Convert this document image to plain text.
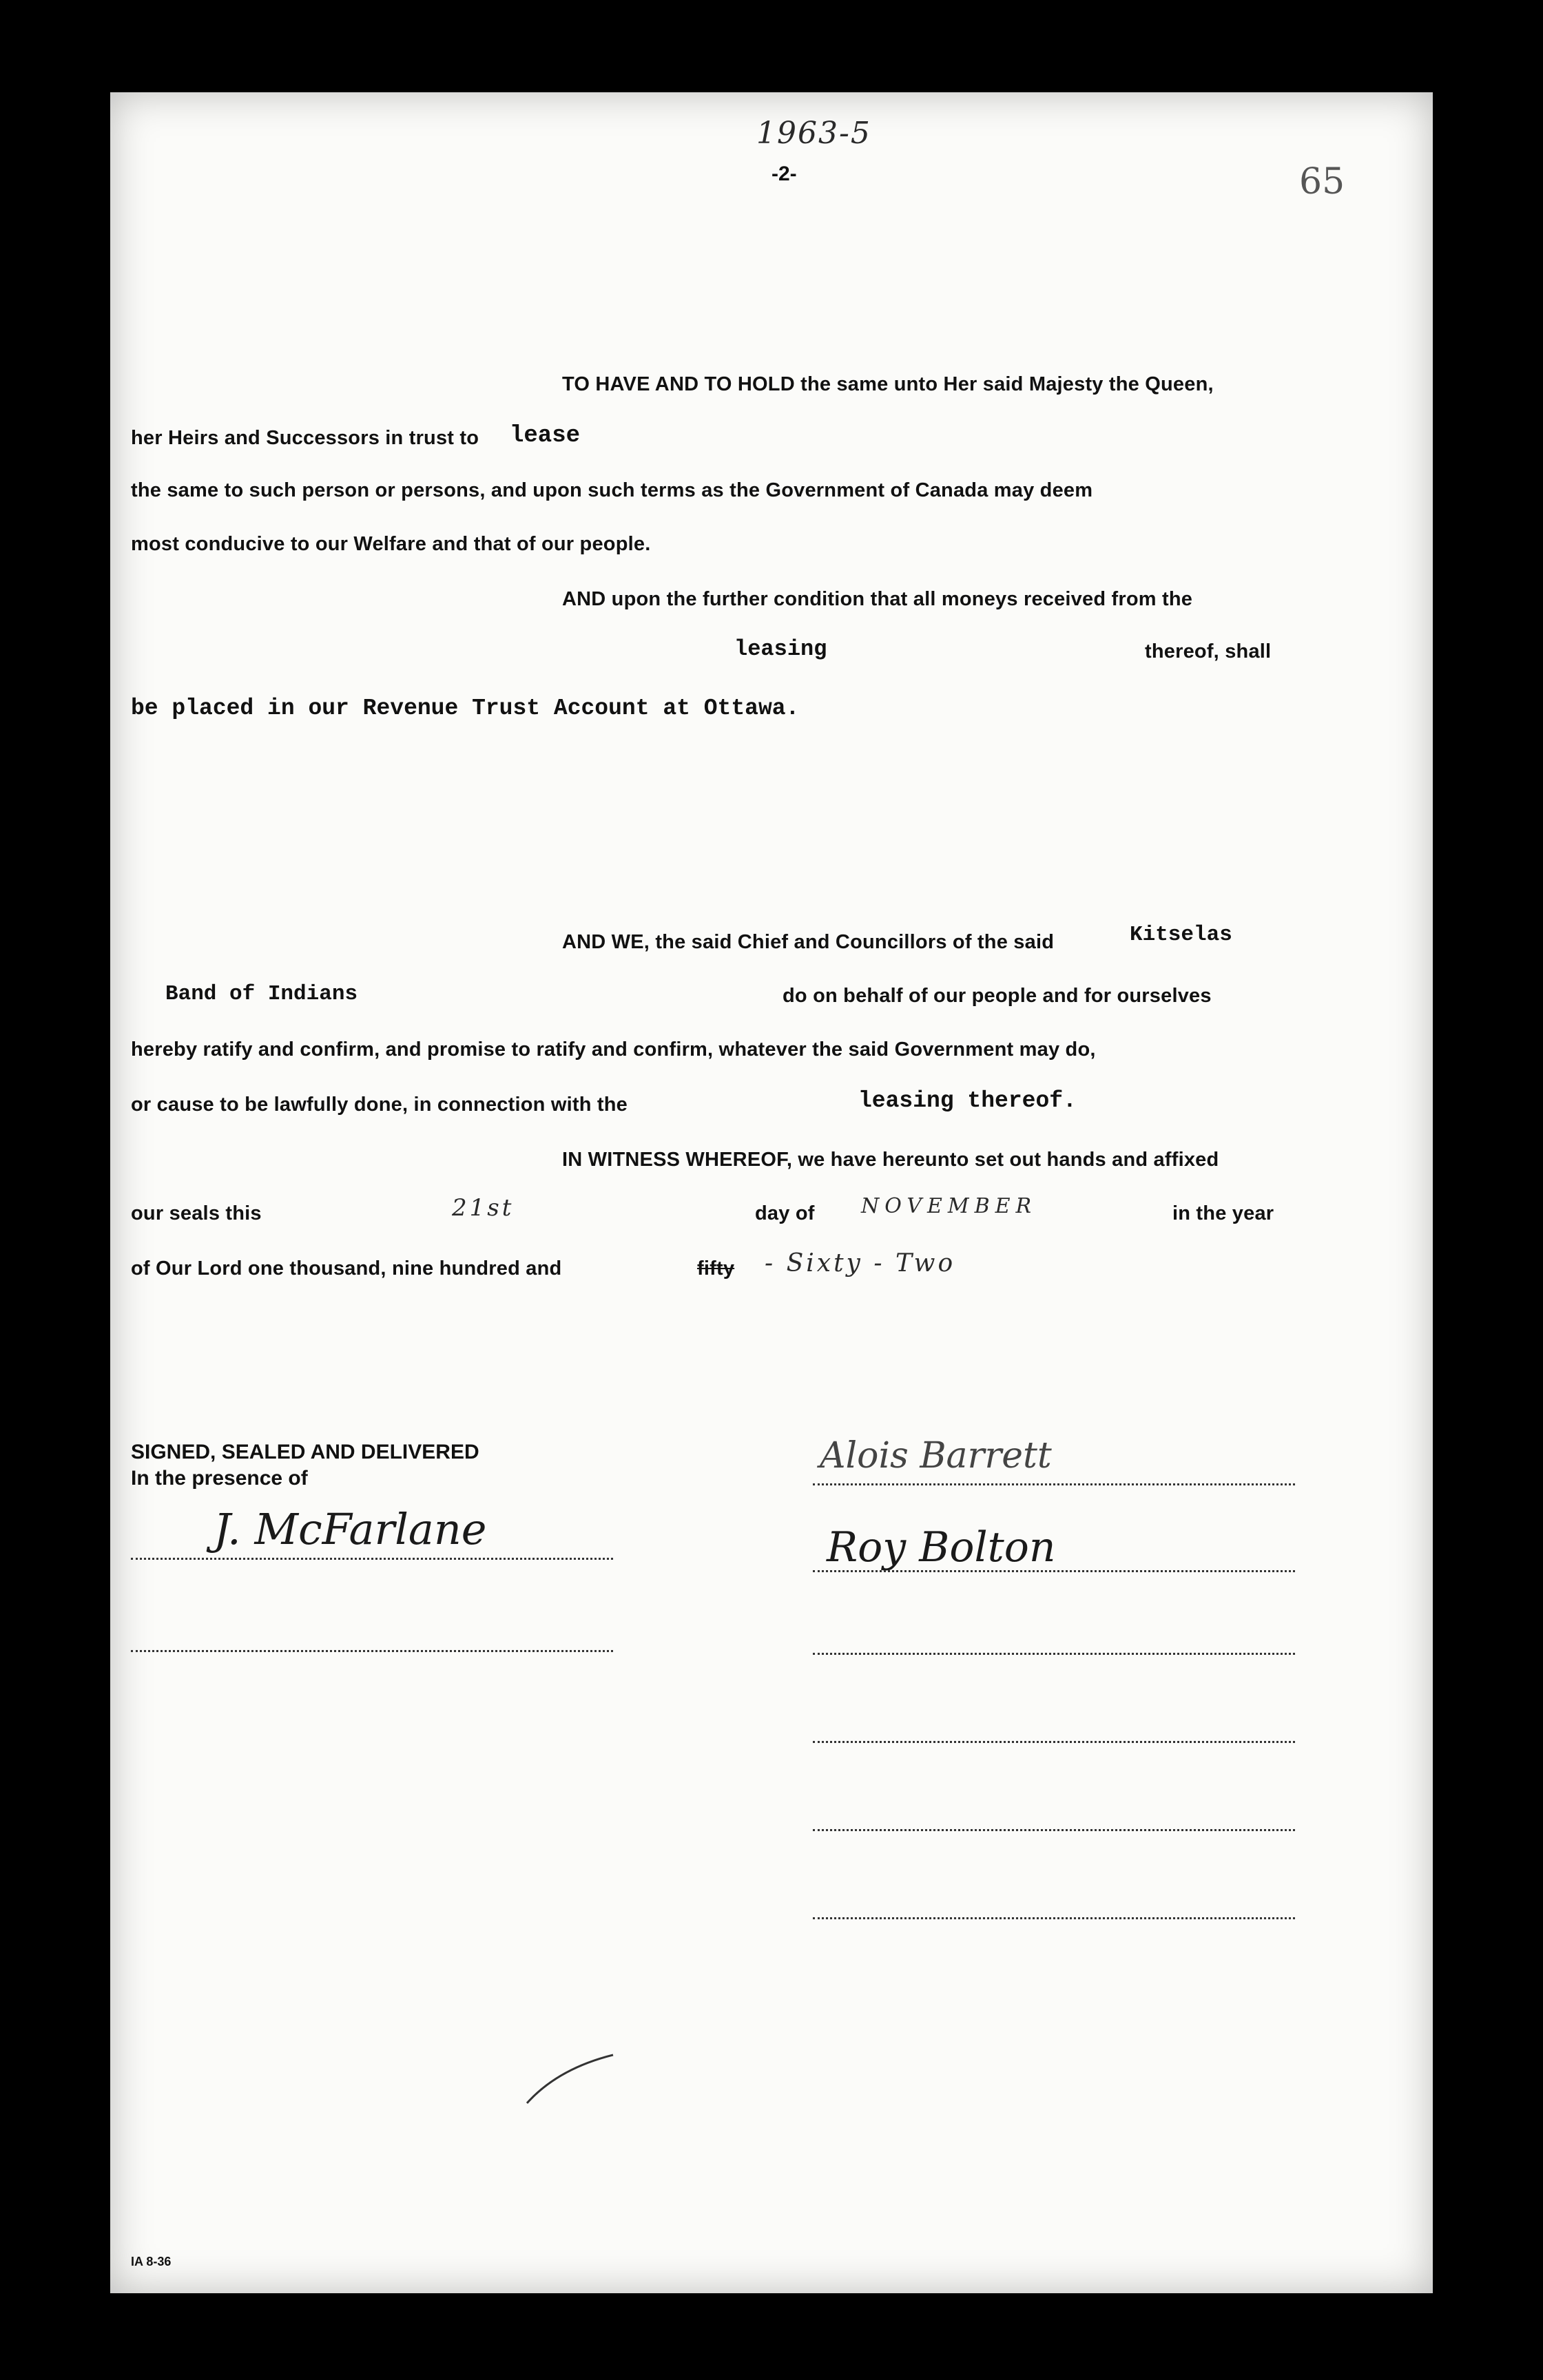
1963-5
-2-	65
TO HAVE AND TO HOLD the same unto Her said Majesty the Queen,
her Heirs and Successors in trust to lease
the same to such person or persons, and upon such terms as the Government of Canada may deem
most conducive to our Welfare and that of our people.
AND upon the further condition that all moneys received from the
leasing	thereof, shall
be placed in our Revenue Trust Account at Ottawa.
AND WE, the said Chief and Councillors of the said	Kitselas
Band of Indians	do on behalf of our people and for ourselves
hereby ratify and confirm, and promise to ratify and confirm, whatever the said Government may do,
or cause to be lawfully done, in connection with the	leasing thereof.
IN WITNESS WHEREOF, we have hereunto set out hands and affixed
our seals this	21st	day of NOVEMBER	in the year
of Our Lord one thousand, nine hundred and	fifty - Sixty - Two
SIGNED, SEALED AND DELIVERED
In the presence of
J. McFarlane
Alois Barrett
Roy Bolton
IA 8-36
